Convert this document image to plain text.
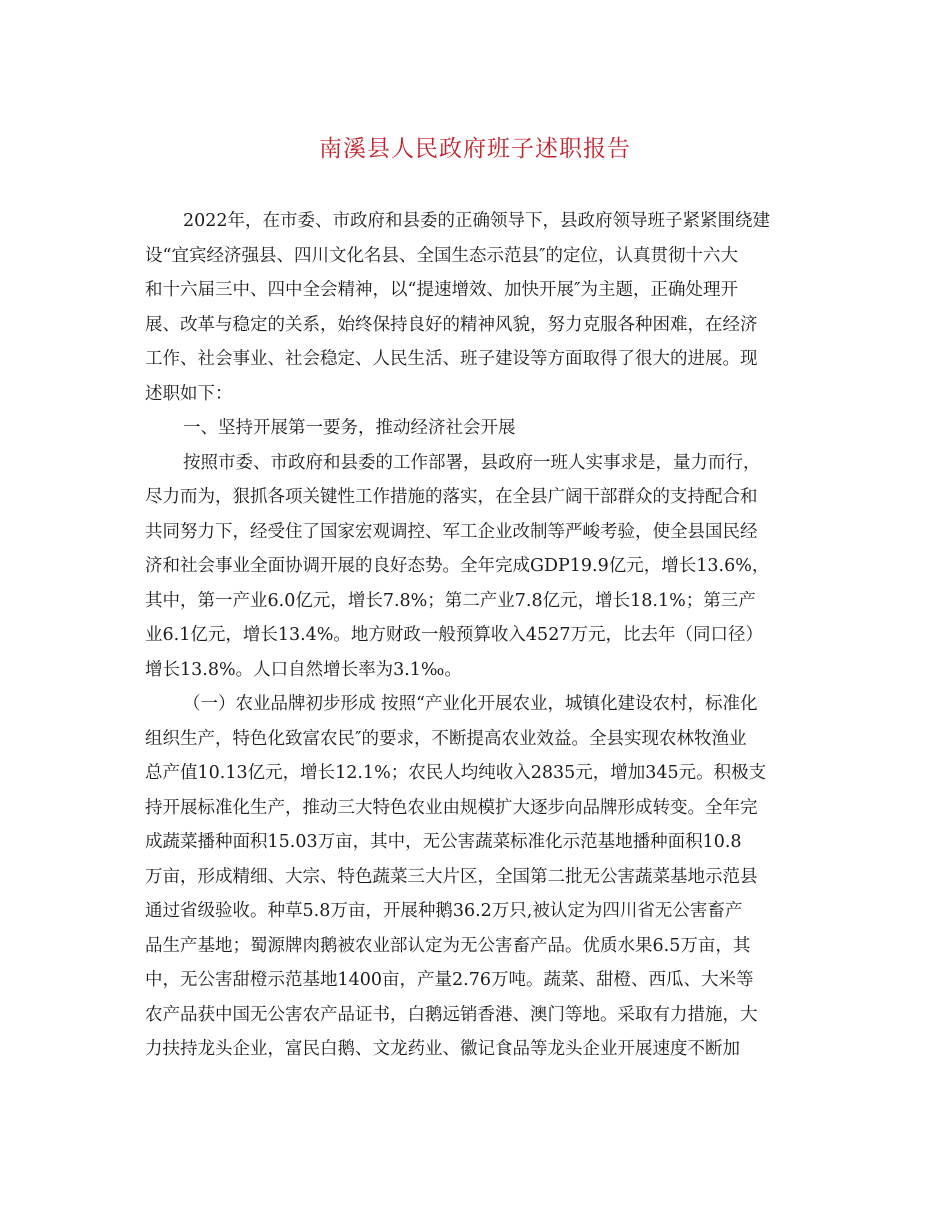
南溪县人民政府班子述职报告
2022年，在市委、市政府和县委的正确领导下，县政府领导班子紧紧围绕建
设“宜宾经济强县、四川文化名县、全国生态示范县″的定位，认真贯彻十六大
和十六届三中、四中全会精神，以“提速增效、加快开展″为主题，正确处理开
展、改革与稳定的关系，始终保持良好的精神风貌，努力克服各种困难，在经济
工作、社会事业、社会稳定、人民生活、班子建设等方面取得了很大的进展。现
述职如下：
一、坚持开展第一要务，推动经济社会开展
按照市委、市政府和县委的工作部署，县政府一班人实事求是，量力而行，
尽力而为，狠抓各项关键性工作措施的落实，在全县广阔干部群众的支持配合和
共同努力下，经受住了国家宏观调控、军工企业改制等严峻考验，使全县国民经
济和社会事业全面协调开展的良好态势。全年完成GDP19.9亿元，增长13.6%，
其中，第一产业6.0亿元，增长7.8%；第二产业7.8亿元，增长18.1%；第三产
业6.1亿元，增长13.4%。地方财政一般预算收入4527万元，比去年（同口径）
增长13.8%。人口自然增长率为3.1‰。
（一）农业品牌初步形成 按照“产业化开展农业，城镇化建设农村，标准化
组织生产，特色化致富农民″的要求，不断提高农业效益。全县实现农林牧渔业
总产值10.13亿元，增长12.1%；农民人均纯收入2835元，增加345元。积极支
持开展标准化生产，推动三大特色农业由规模扩大逐步向品牌形成转变。全年完
成蔬菜播种面积15.03万亩，其中，无公害蔬菜标准化示范基地播种面积10.8
万亩，形成精细、大宗、特色蔬菜三大片区，全国第二批无公害蔬菜基地示范县
通过省级验收。种草5.8万亩，开展种鹅36.2万只,被认定为四川省无公害畜产
品生产基地；蜀源牌肉鹅被农业部认定为无公害畜产品。优质水果6.5万亩，其
中，无公害甜橙示范基地1400亩，产量2.76万吨。蔬菜、甜橙、西瓜、大米等
农产品获中国无公害农产品证书，白鹅远销香港、澳门等地。采取有力措施，大
力扶持龙头企业，富民白鹅、文龙药业、徽记食品等龙头企业开展速度不断加
